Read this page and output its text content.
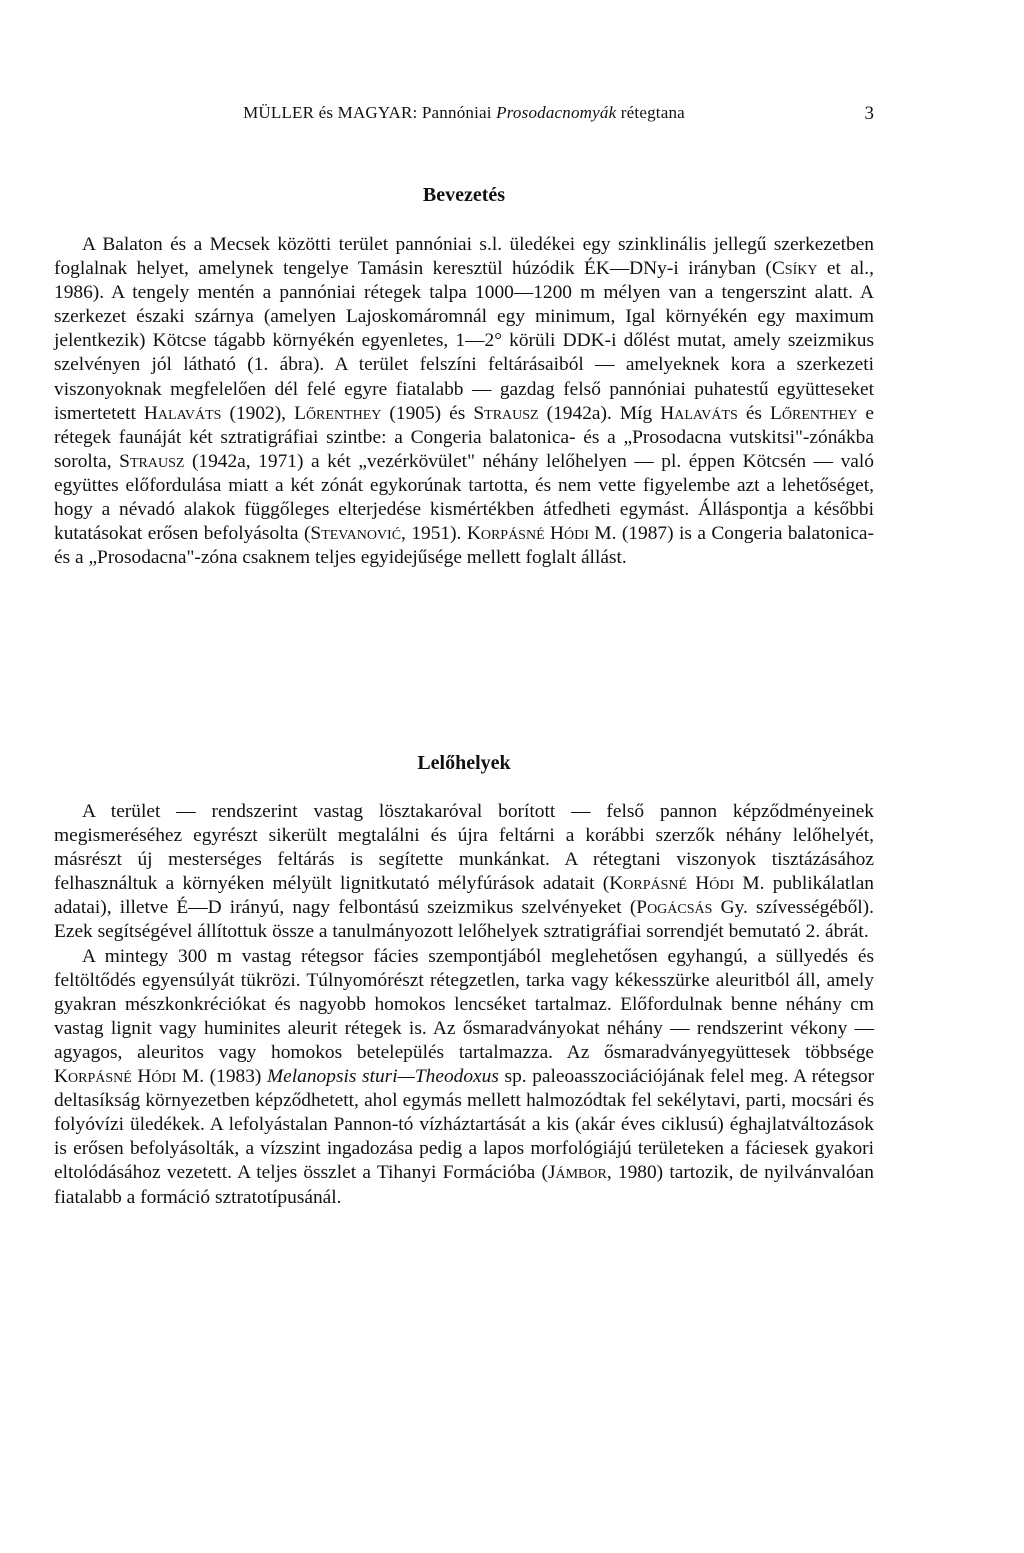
MÜLLER és MAGYAR: Pannóniai Prosodacnomyák rétegtana	3
Bevezetés

A Balaton és a Mecsek közötti terület pannóniai s.l. üledékei egy szinklinális jellegű szerkezetben foglalnak helyet, amelynek tengelye Tamásin keresztül húzódik ÉK—DNy-i irányban (Csíky et al., 1986). A tengely mentén a pannóniai rétegek talpa 1000—1200 m mélyen van a tengerszint alatt. A szerkezet északi szárnya (amelyen Lajoskomáromnál egy minimum, Igal környékén egy maximum jelentkezik) Kötcse tágabb környékén egyenletes, 1—2° körüli DDK-i dőlést mutat, amely szeizmikus szelvényen jól látható (1. ábra). A terület felszíni feltárásaiból — amelyeknek kora a szerkezeti viszonyoknak megfelelően dél felé egyre fiatalabb — gazdag felső pannóniai puhatestű együtteseket ismertetett Halaváts (1902), Lőrenthey (1905) és Strausz (1942a). Míg Halaváts és Lőrenthey e rétegek faunáját két sztratigráfiai szintbe: a Congeria balatonica- és a „Prosodacna vutskitsi"-zónákba sorolta, Strausz (1942a, 1971) a két „vezérkövület" néhány lelőhelyen — pl. éppen Kötcsén — való együttes előfordulása miatt a két zónát egykorúnak tartotta, és nem vette figyelembe azt a lehetőséget, hogy a névadó alakok függőleges elterjedése kismértékben átfedheti egymást. Álláspontja a későbbi kutatásokat erősen befolyásolta (Stevanović, 1951). Korpásné Hódi M. (1987) is a Congeria balatonica- és a „Prosodacna"-zóna csaknem teljes egyidejűsége mellett foglalt állást.

Lelőhelyek

A terület — rendszerint vastag lösztakaróval borított — felső pannon képződményeinek megismeréséhez egyrészt sikerült megtalálni és újra feltárni a korábbi szerzők néhány lelőhelyét, másrészt új mesterséges feltárás is segítette munkánkat. A rétegtani viszonyok tisztázásához felhasználtuk a környéken mélyült lignitkutató mélyfúrások adatait (Korpásné Hódi M. publikálatlan adatai), illetve É—D irányú, nagy felbontású szeizmikus szelvényeket (Pogácsás Gy. szívességéből). Ezek segítségével állítottuk össze a tanulmányozott lelőhelyek sztratigráfiai sorrendjét bemutató 2. ábrát.

A mintegy 300 m vastag rétegsor fácies szempontjából meglehetősen egyhangú, a süllyedés és feltöltődés egyensúlyát tükrözi. Túlnyomórészt rétegzetlen, tarka vagy kékesszürke aleuritból áll, amely gyakran mészkonkréciókat és nagyobb homokos lencséket tartalmaz. Előfordulnak benne néhány cm vastag lignit vagy huminites aleurit rétegek is. Az ősmaradványokat néhány — rendszerint vékony — agyagos, aleuritos vagy homokos betelepülés tartalmazza. Az ősmaradványegyüttesek többsége Korpásné Hódi M. (1983) Melanopsis sturi—Theodoxus sp. paleoasszociációjának felel meg. A rétegsor deltasíkság környezetben képződhetett, ahol egymás mellett halmozódtak fel sekélytavi, parti, mocsári és folyóvízi üledékek. A lefolyástalan Pannon-tó vízháztartását a kis (akár éves ciklusú) éghajlatváltozások is erősen befolyásolták, a vízszint ingadozása pedig a lapos morfológiájú területeken a fáciesek gyakori eltolódásához vezetett. A teljes összlet a Tihanyi Formációba (Jámbor, 1980) tartozik, de nyilvánvalóan fiatalabb a formáció sztratotípusánál.
